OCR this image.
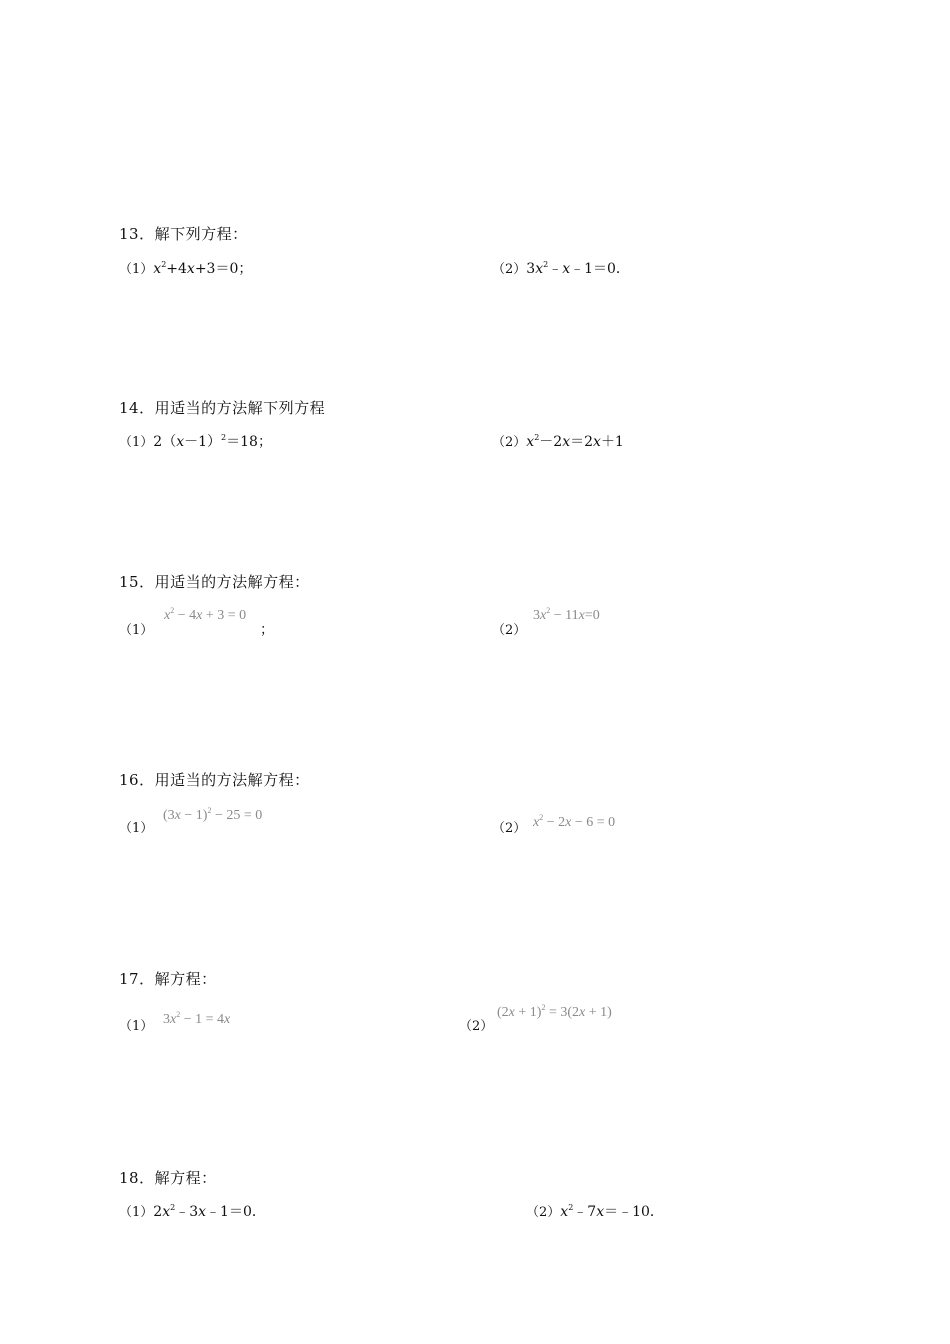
13．解下列方程：
$(1)x^2+4x+3=0$；	$(2)3x^2﹣x﹣1=0$．
14．用适当的方法解下列方程
$(1)2(x-1)^2=18$；	$(2)x^2-2x=2x+1$
15．用适当的方法解方程：
（1）
$x^2 - 4x + 3 = 0$
；	（2）
$3x^2 - 11x=0$
16．用适当的方法解方程：
（1）
$(3x - 1)^2 - 25 = 0$
（2） $x^2 - 2x - 6 = 0$
17．解方程：
（1） $3x^2 - 1 = 4x$	（2）
$(2x + 1)^2 = 3(2x + 1)$
18．解方程：
$(1)2x^2﹣3x﹣1=0$．	$(2)x^2﹣7x=﹣10$．
